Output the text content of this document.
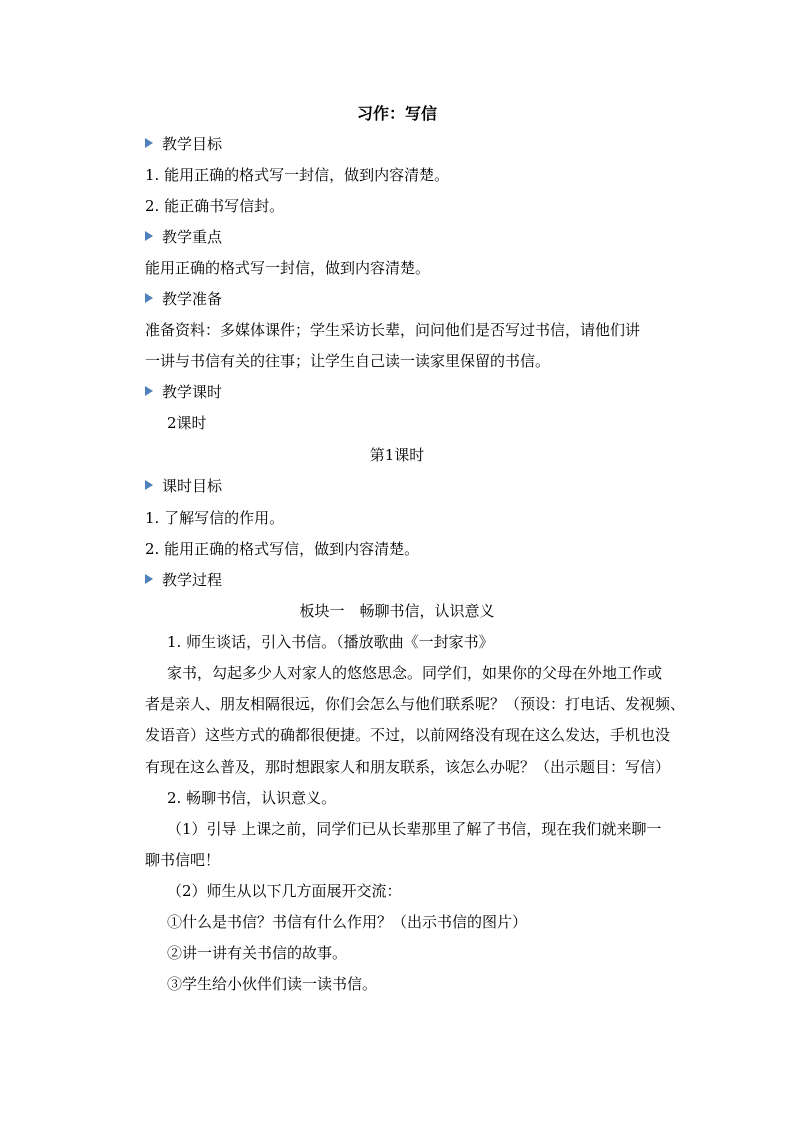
习作：写信
教学目标
1. 能用正确的格式写一封信，做到内容清楚。
2. 能正确书写信封。
教学重点
能用正确的格式写一封信，做到内容清楚。
教学准备
准备资料：多媒体课件；学生采访长辈，问问他们是否写过书信，请他们讲
一讲与书信有关的往事；让学生自己读一读家里保留的书信。
教学课时
2课时
第1课时
课时目标
1. 了解写信的作用。
2. 能用正确的格式写信，做到内容清楚。
教学过程
板块一　畅聊书信，认识意义
1. 师生谈话，引入书信。（播放歌曲《一封家书》
家书，勾起多少人对家人的悠悠思念。同学们，如果你的父母在外地工作或
者是亲人、朋友相隔很远，你们会怎么与他们联系呢？（预设：打电话、发视频、
发语音）这些方式的确都很便捷。不过，以前网络没有现在这么发达，手机也没
有现在这么普及，那时想跟家人和朋友联系，该怎么办呢？（出示题目：写信）
2. 畅聊书信，认识意义。
（1）引导 上课之前，同学们已从长辈那里了解了书信，现在我们就来聊一
聊书信吧！
（2）师生从以下几方面展开交流：
①什么是书信？书信有什么作用？（出示书信的图片）
②讲一讲有关书信的故事。
③学生给小伙伴们读一读书信。
